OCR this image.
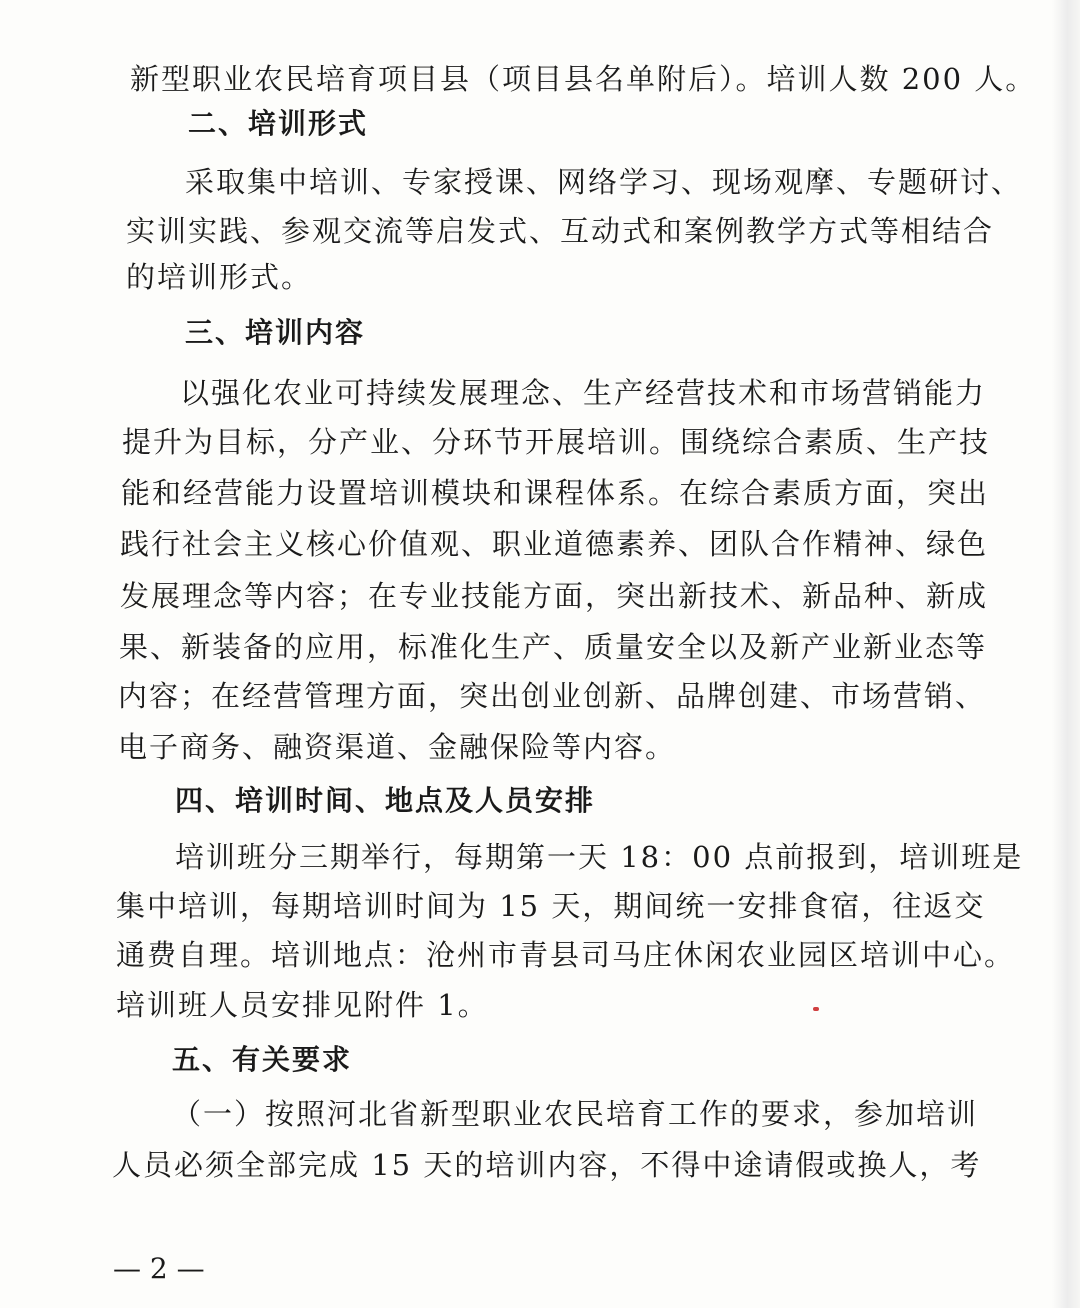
新型职业农民培育项目县（项目县名单附后）。培训人数 200 人。
二、培训形式
采取集中培训、专家授课、网络学习、现场观摩、专题研讨、
实训实践、参观交流等启发式、互动式和案例教学方式等相结合
的培训形式。
三、培训内容
以强化农业可持续发展理念、生产经营技术和市场营销能力
提升为目标，分产业、分环节开展培训。围绕综合素质、生产技
能和经营能力设置培训模块和课程体系。在综合素质方面，突出
践行社会主义核心价值观、职业道德素养、团队合作精神、绿色
发展理念等内容；在专业技能方面，突出新技术、新品种、新成
果、新装备的应用，标准化生产、质量安全以及新产业新业态等
内容；在经营管理方面，突出创业创新、品牌创建、市场营销、
电子商务、融资渠道、金融保险等内容。
四、培训时间、地点及人员安排
培训班分三期举行，每期第一天 18：00 点前报到，培训班是
集中培训，每期培训时间为 15 天，期间统一安排食宿，往返交
通费自理。培训地点：沧州市青县司马庄休闲农业园区培训中心。
培训班人员安排见附件 1。
五、有关要求
（一）按照河北省新型职业农民培育工作的要求，参加培训
人员必须全部完成 15 天的培训内容，不得中途请假或换人，考
— 2 —
